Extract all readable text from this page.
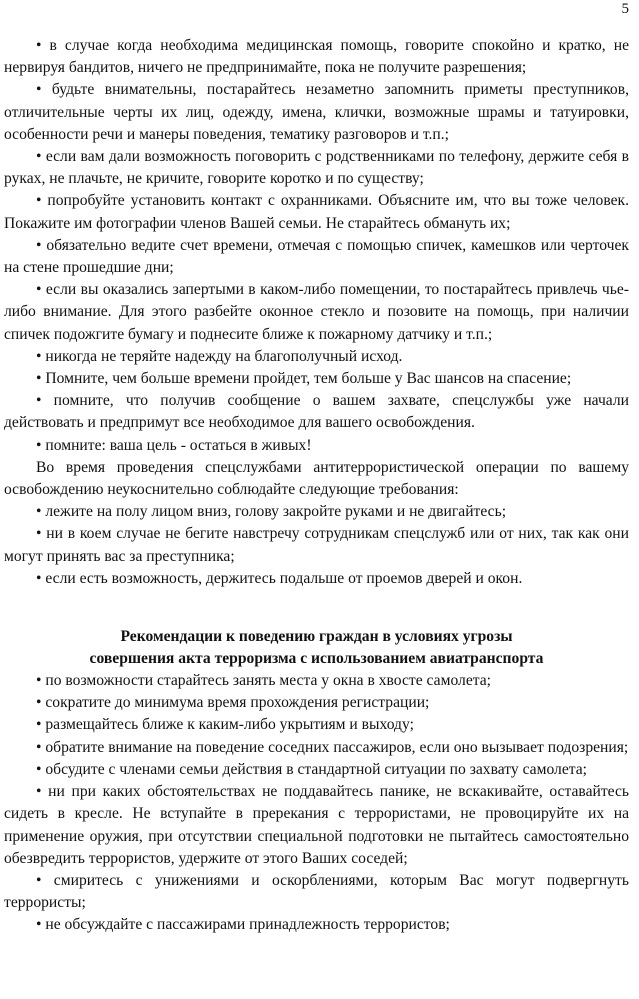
5

• в случае когда необходима медицинская помощь, говорите спокойно и кратко, не нервируя бандитов, ничего не предпринимайте, пока не получите разрешения;

• будьте внимательны, постарайтесь незаметно запомнить приметы преступников, отличительные черты их лиц, одежду, имена, клички, возможные шрамы и татуировки, особенности речи и манеры поведения, тематику разговоров и т.п.;

• если вам дали возможность поговорить с родственниками по телефону, держите себя в руках, не плачьте, не кричите, говорите коротко и по существу;

• попробуйте установить контакт с охранниками. Объясните им, что вы тоже человек. Покажите им фотографии членов Вашей семьи. Не старайтесь обмануть их;

• обязательно ведите счет времени, отмечая с помощью спичек, камешков или черточек на стене прошедшие дни;

• если вы оказались запертыми в каком-либо помещении, то постарайтесь привлечь чье-либо внимание. Для этого разбейте оконное стекло и позовите на помощь, при наличии спичек подожгите бумагу и поднесите ближе к пожарному датчику и т.п.;

• никогда не теряйте надежду на благополучный исход.

• Помните, чем больше времени пройдет, тем больше у Вас шансов на спасение;

• помните, что получив сообщение о вашем захвате, спецслужбы уже начали действовать и предпримут все необходимое для вашего освобождения.

• помните: ваша цель - остаться в живых!

Во время проведения спецслужбами антитеррористической операции по вашему освобождению неукоснительно соблюдайте следующие требования:

• лежите на полу лицом вниз, голову закройте руками и не двигайтесь;

• ни в коем случае не бегите навстречу сотрудникам спецслужб или от них, так как они могут принять вас за преступника;

• если есть возможность, держитесь подальше от проемов дверей и окон.

Рекомендации к поведению граждан в условиях угрозы
совершения акта терроризма с использованием авиатранспорта

• по возможности старайтесь занять места у окна в хвосте самолета;

• сократите до минимума время прохождения регистрации;

• размещайтесь ближе к каким-либо укрытиям и выходу;

• обратите внимание на поведение соседних пассажиров, если оно вызывает подозрения;

• обсудите с членами семьи действия в стандартной ситуации по захвату самолета;

• ни при каких обстоятельствах не поддавайтесь панике, не вскакивайте, оставайтесь сидеть в кресле. Не вступайте в пререкания с террористами, не провоцируйте их на применение оружия, при отсутствии специальной подготовки не пытайтесь самостоятельно обезвредить террористов, удержите от этого Ваших соседей;

• смиритесь с унижениями и оскорблениями, которым Вас могут подвергнуть террористы;

• не обсуждайте с пассажирами принадлежность террористов;
